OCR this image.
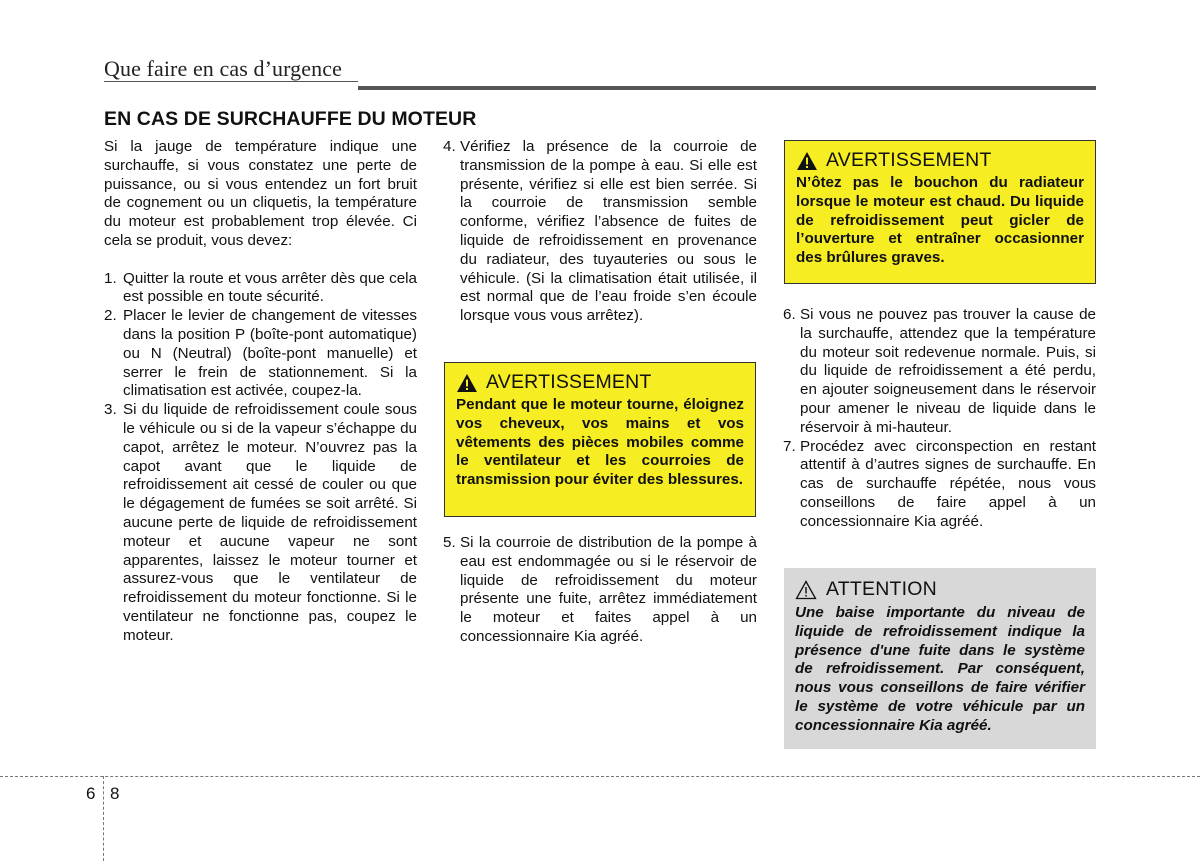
Que faire en cas d’urgence
EN CAS DE SURCHAUFFE DU MOTEUR

Si la jauge de température indique une surchauffe, si vous constatez une perte de puissance, ou si vous entendez un fort bruit de cognement ou un cliquetis, la température du moteur est probablement trop élevée. Ci cela se produit, vous devez:

1. Quitter la route et vous arrêter dès que cela est possible en toute sécurité.
2. Placer le levier de changement de vitesses dans la position P (boîte-pont automatique) ou N (Neutral) (boîte-pont manuelle) et serrer le frein de stationnement. Si la climatisation est activée, coupez-la.
3. Si du liquide de refroidissement coule sous le véhicule ou si de la vapeur s’échappe du capot, arrêtez le moteur. N’ouvrez pas la capot avant que le liquide de refroidissement ait cessé de couler ou que le dégagement de fumées se soit arrêté. Si aucune perte de liquide de refroidissement moteur et aucune vapeur ne sont apparentes, laissez le moteur tourner et assurez-vous que le ventilateur de refroidissement du moteur fonctionne. Si le ventilateur ne fonctionne pas, coupez le moteur.
4. Vérifiez la présence de la courroie de transmission de la pompe à eau. Si elle est présente, vérifiez si elle est bien serrée. Si la courroie de transmission semble conforme, vérifiez l’absence de fuites de liquide de refroidissement en provenance du radiateur, des tuyauteries ou sous le véhicule. (Si la climatisation était utilisée, il est normal que de l’eau froide s’en écoule lorsque vous vous arrêtez).
AVERTISSEMENT
Pendant que le moteur tourne, éloignez vos cheveux, vos mains et vos vêtements des pièces mobiles comme le ventilateur et les courroies de transmission pour éviter des blessures.
5. Si la courroie de distribution de la pompe à eau est endommagée ou si le réservoir de liquide de refroidissement du moteur présente une fuite, arrêtez immédiatement le moteur et faites appel à un concessionnaire Kia agréé.
AVERTISSEMENT
N’ôtez pas le bouchon du radiateur lorsque le moteur est chaud. Du liquide de refroidissement peut gicler de l’ouverture et entraîner occasionner des brûlures graves.
6. Si vous ne pouvez pas trouver la cause de la surchauffe, attendez que la température du moteur soit redevenue normale. Puis, si du liquide de refroidissement a été perdu, en ajouter soigneusement dans le réservoir pour amener le niveau de liquide dans le réservoir à mi-hauteur.
7. Procédez avec circonspection en restant attentif à d’autres signes de surchauffe. En cas de surchauffe répétée, nous vous conseillons de faire appel à un concessionnaire Kia agréé.
ATTENTION
Une baise importante du niveau de liquide de refroidissement indique la présence d'une fuite dans le système de refroidissement. Par conséquent, nous vous conseillons de faire vérifier le système de votre véhicule par un concessionnaire Kia agréé.
6 8
